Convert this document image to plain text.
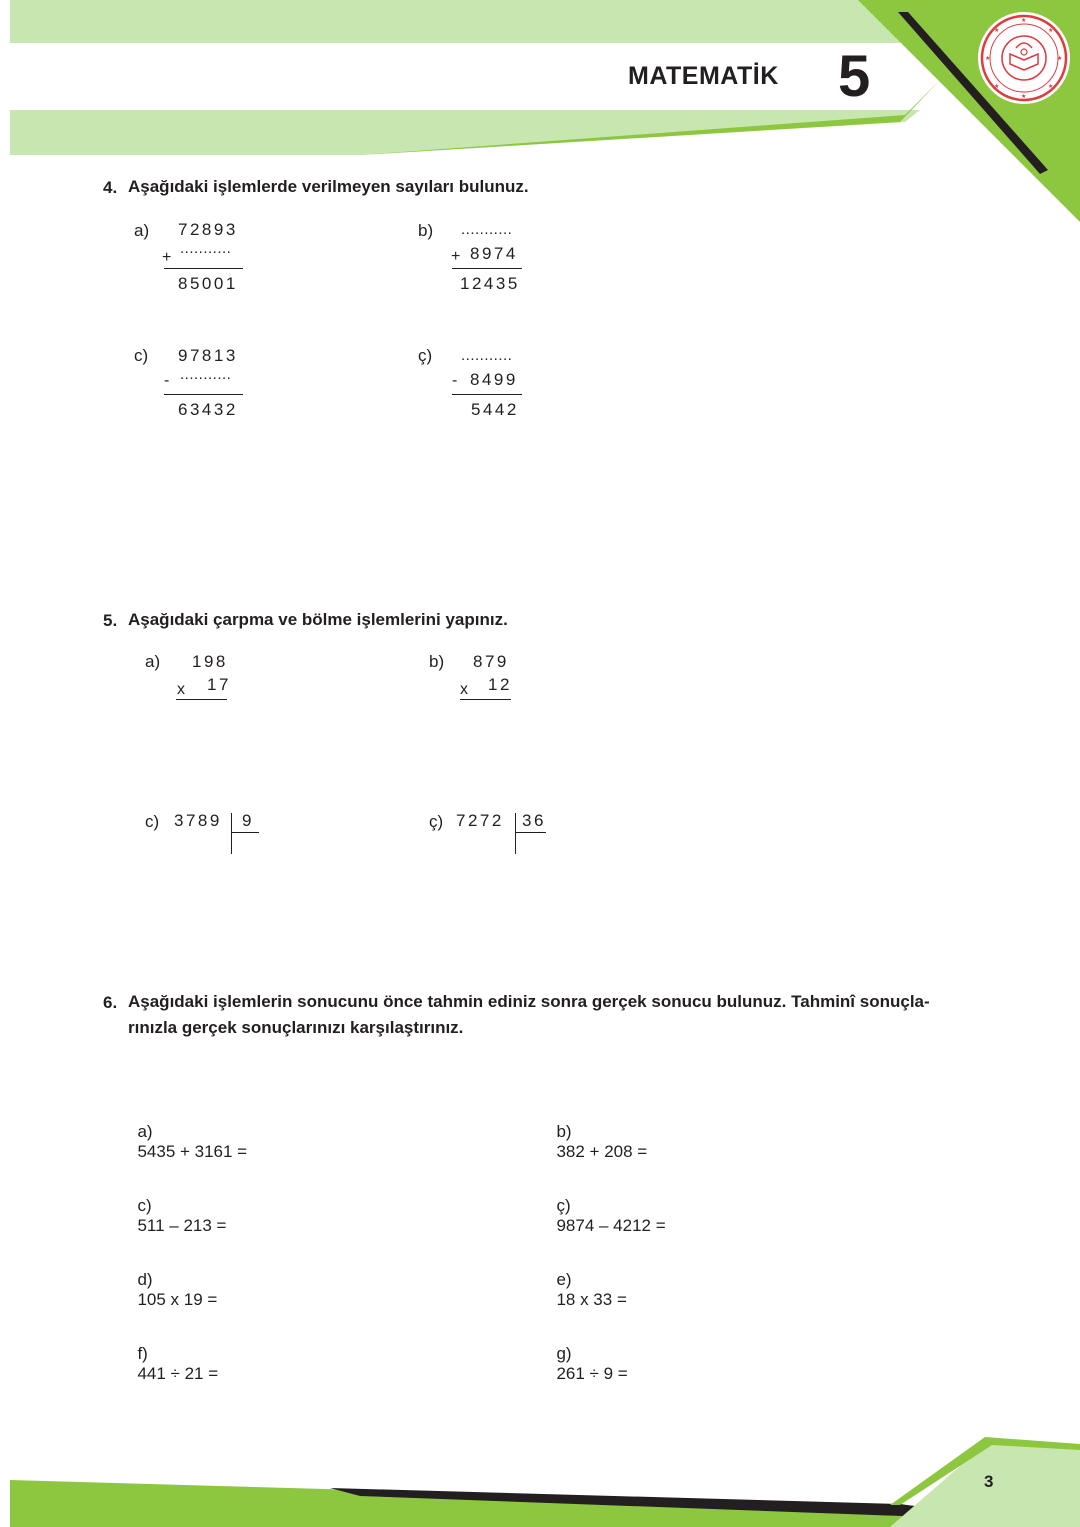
★
★
★
★
★
★
★
★
MATEMATİK 5
4. Aşağıdaki işlemlerde verilmeyen sayıları bulunuz.
a) 72893
...........
+
85001
b) ...........
+ 8974
12435
c) 97813
...........
-
63432
ç) ...........
- 8499
5442
5. Aşağıdaki çarpma ve bölme işlemlerini yapınız.
a) 198
x 17
b) 879
x 12
c) 3789 9	ç) 7272 36
6. Aşağıdaki işlemlerin sonucunu önce tahmin ediniz sonra gerçek sonucu bulunuz. Tahminî sonuçla-
rınızla gerçek sonuçlarınızı karşılaştırınız.

a)
5435 + 3161 =

b)
382 + 208 =

c)
511 – 213 =

ç)
9874 – 4212 =

d)
105 x 19 =

e)
18 x 33 =

f)
441 ÷ 21 =

g)
261 ÷ 9 =

3
